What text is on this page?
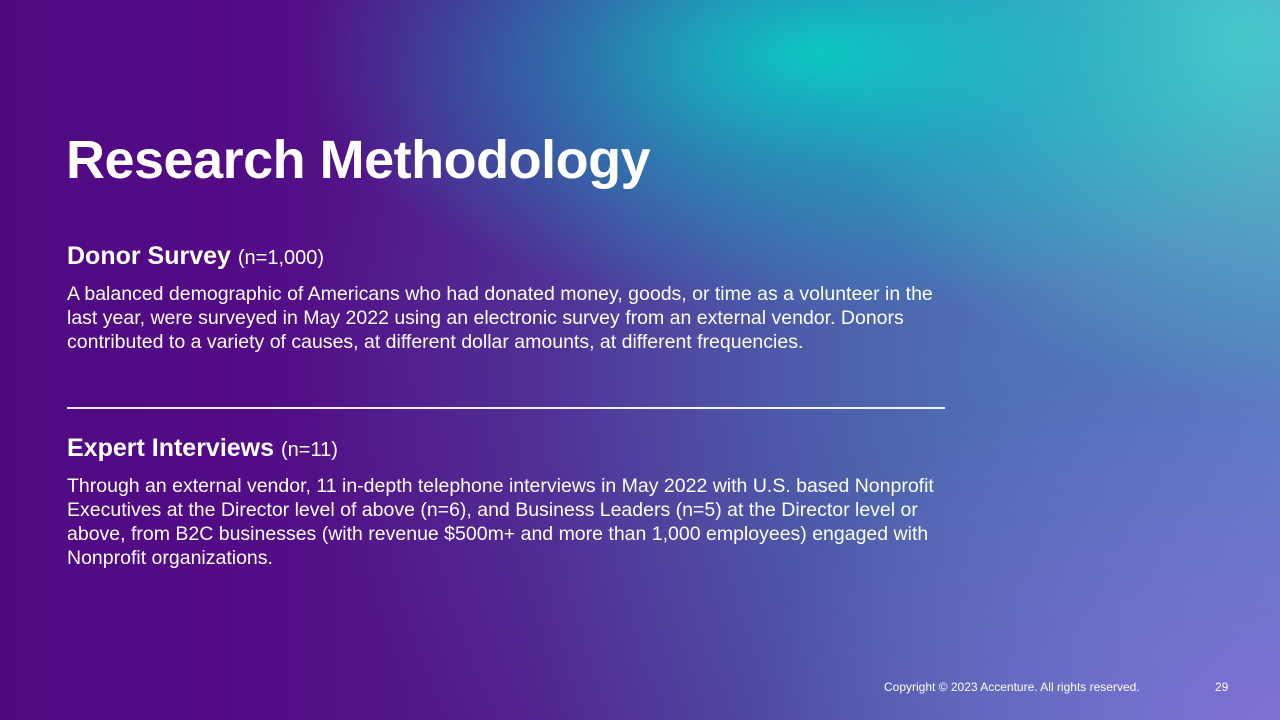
Research Methodology
Donor Survey (n=1,000)

A balanced demographic of Americans who had donated money, goods, or time as a volunteer in the last year, were surveyed in May 2022 using an electronic survey from an external vendor. Donors contributed to a variety of causes, at different dollar amounts, at different frequencies.

Expert Interviews (n=11)

Through an external vendor, 11 in-depth telephone interviews in May 2022 with U.S. based Nonprofit Executives at the Director level of above (n=6), and Business Leaders (n=5) at the Director level or above, from B2C businesses (with revenue $500m+ and more than 1,000 employees) engaged with Nonprofit organizations.

Copyright © 2023 Accenture. All rights reserved.	29
